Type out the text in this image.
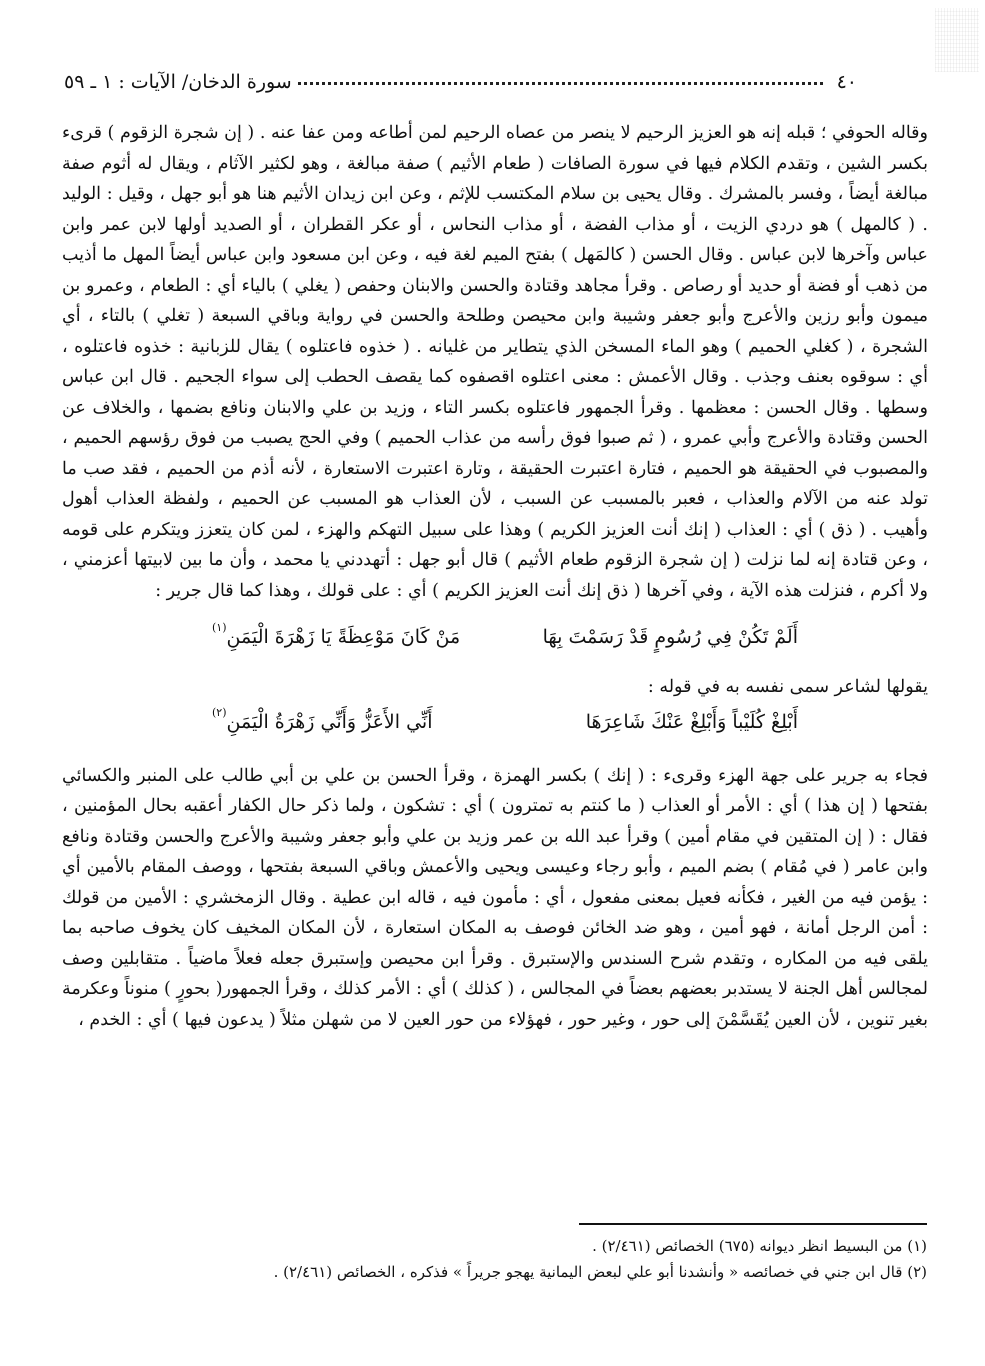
٤٠
سورة الدخان/ الآيات : ١ ـ ٥٩

وقاله الحوفي ؛ قبله إنه هو العزيز الرحيم لا ينصر من عصاه الرحيم لمن أطاعه ومن عفا عنه . ( إن شجرة الزقوم ) قرىء بكسر الشين ، وتقدم الكلام فيها في سورة الصافات ( طعام الأثيم ) صفة مبالغة ، وهو لكثير الآثام ، ويقال له أثوم صفة مبالغة أيضاً ، وفسر بالمشرك . وقال يحيى بن سلام المكتسب للإثم ، وعن ابن زيدان الأثيم هنا هو أبو جهل ، وقيل : الوليد . ( كالمهل ) هو دردي الزيت ، أو مذاب الفضة ، أو مذاب النحاس ، أو عكر القطران ، أو الصديد أولها لابن عمر وابن عباس وآخرها لابن عباس . وقال الحسن ( كالمَهل ) بفتح الميم لغة فيه ، وعن ابن مسعود وابن عباس أيضاً المهل ما أذيب من ذهب أو فضة أو حديد أو رصاص . وقرأ مجاهد وقتادة والحسن والابنان وحفص ( يغلي ) بالياء أي : الطعام ، وعمرو بن ميمون وأبو رزين والأعرج وأبو جعفر وشيبة وابن محيصن وطلحة والحسن في رواية وباقي السبعة ( تغلي ) بالتاء ، أي الشجرة ، ( كغلي الحميم ) وهو الماء المسخن الذي يتطاير من غليانه . ( خذوه فاعتلوه ) يقال للزبانية : خذوه فاعتلوه ، أي : سوقوه بعنف وجذب . وقال الأعمش : معنى اعتلوه اقصفوه كما يقصف الحطب إلى سواء الجحيم . قال ابن عباس وسطها . وقال الحسن : معظمها . وقرأ الجمهور فاعتلوه بكسر التاء ، وزيد بن علي والابنان ونافع بضمها ، والخلاف عن الحسن وقتادة والأعرج وأبي عمرو ، ( ثم صبوا فوق رأسه من عذاب الحميم ) وفي الحج يصبب من فوق رؤسهم الحميم ، والمصبوب في الحقيقة هو الحميم ، فتارة اعتبرت الحقيقة ، وتارة اعتبرت الاستعارة ، لأنه أذم من الحميم ، فقد صب ما تولد عنه من الآلام والعذاب ، فعبر بالمسبب عن السبب ، لأن العذاب هو المسبب عن الحميم ، ولفظة العذاب أهول وأهيب . ( ذق ) أي : العذاب ( إنك أنت العزيز الكريم ) وهذا على سبيل التهكم والهزء ، لمن كان يتعزز ويتكرم على قومه ، وعن قتادة إنه لما نزلت ( إن شجرة الزقوم طعام الأثيم ) قال أبو جهل : أتهددني يا محمد ، وأن ما بين لابيتها أعزمني ، ولا أكرم ، فنزلت هذه الآية ، وفي آخرها ( ذق إنك أنت العزيز الكريم ) أي : على قولك ، وهذا كما قال جرير :

أَلَمْ تَكُنْ فِي رُسُومٍ قَدْ رَسَمْتَ بِهَا
مَنْ كَانَ مَوْعِظَةً يَا زَهْرَةَ الْيَمَنِ$^{(١)}$

يقولها لشاعر سمى نفسه به في قوله :

أَبْلِغْ كُلَيْباً وَأَبْلِغْ عَنْكَ شَاعِرَهَا
أَنِّي الأَعَزُّ وَأَنِّي زَهْرَةُ الْيَمَنِ$^{(٢)}$

فجاء به جرير على جهة الهزء وقرىء : ( إنك ) بكسر الهمزة ، وقرأ الحسن بن علي بن أبي طالب على المنبر والكسائي بفتحها ( إن هذا ) أي : الأمر أو العذاب ( ما كنتم به تمترون ) أي : تشكون ، ولما ذكر حال الكفار أعقبه بحال المؤمنين ، فقال : ( إن المتقين في مقام أمين ) وقرأ عبد الله بن عمر وزيد بن علي وأبو جعفر وشيبة والأعرج والحسن وقتادة ونافع وابن عامر ( في مُقام ) بضم الميم ، وأبو رجاء وعيسى ويحيى والأعمش وباقي السبعة بفتحها ، ووصف المقام بالأمين أي : يؤمن فيه من الغير ، فكأنه فعيل بمعنى مفعول ، أي : مأمون فيه ، قاله ابن عطية . وقال الزمخشري : الأمين من قولك : أمن الرجل أمانة ، فهو أمين ، وهو ضد الخائن فوصف به المكان استعارة ، لأن المكان المخيف كان يخوف صاحبه بما يلقى فيه من المكاره ، وتقدم شرح السندس والإستبرق . وقرأ ابن محيصن وإستبرق جعله فعلاً ماضياً . متقابلين وصف لمجالس أهل الجنة لا يستدبر بعضهم بعضاً في المجالس ، ( كذلك ) أي : الأمر كذلك ، وقرأ الجمهور( بحورٍ ) منوناً وعكرمة بغير تنوين ، لأن العين يُقَسَّمْنَ إلى حور ، وغير حور ، فهؤلاء من حور العين لا من شهلن مثلاً ( يدعون فيها ) أي : الخدم ،

(١) من البسيط انظر ديوانه (٦٧٥) الخصائص (٢/٤٦١) .

(٢) قال ابن جني في خصائصه « وأنشدنا أبو علي لبعض اليمانية يهجو جريراً » فذكره ، الخصائص (٢/٤٦١) .
